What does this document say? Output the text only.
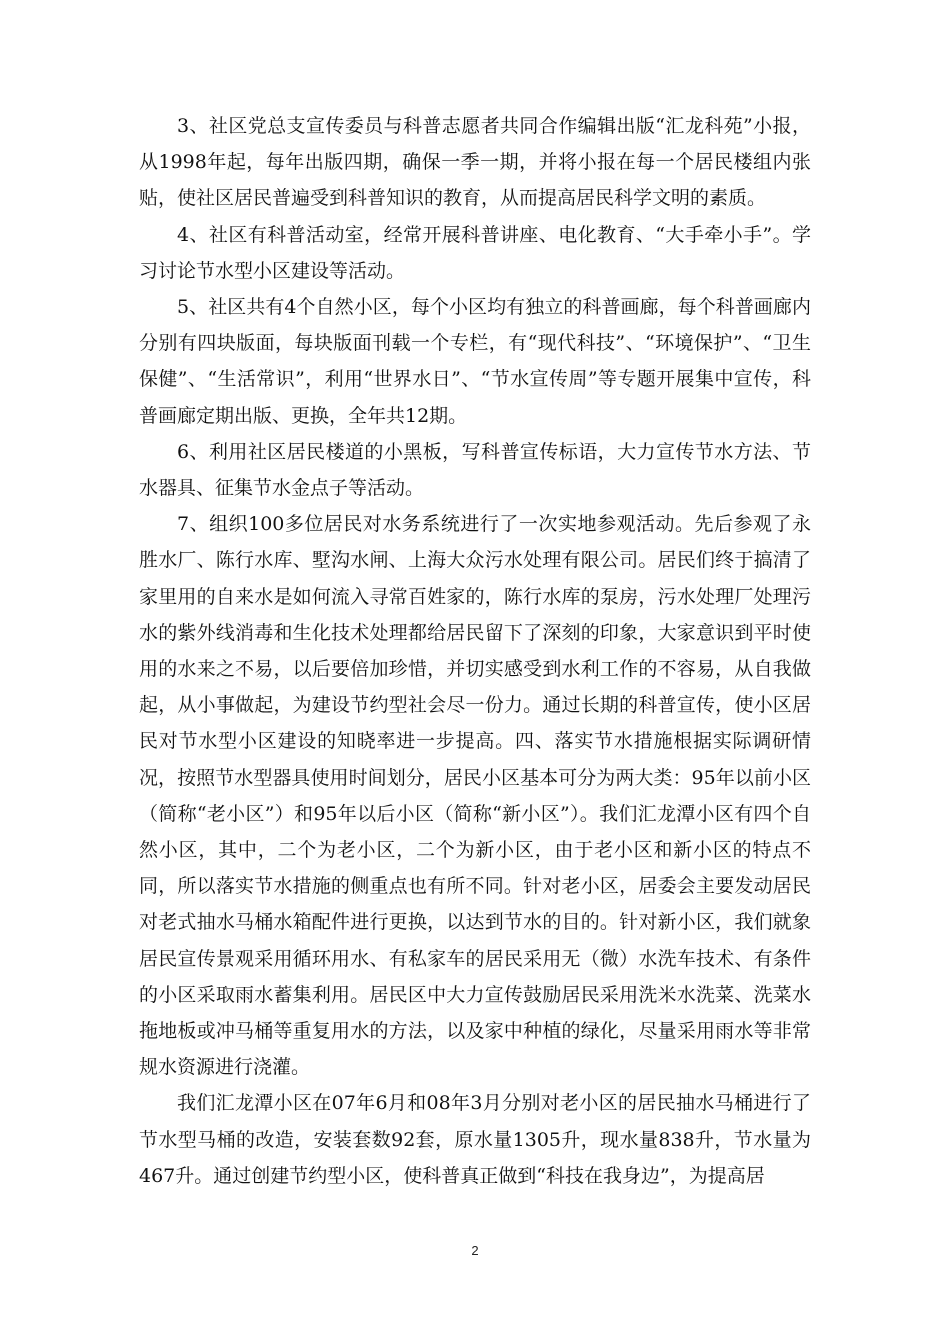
3、社区党总支宣传委员与科普志愿者共同合作编辑出版“汇龙科苑”小报，从1998年起，每年出版四期，确保一季一期，并将小报在每一个居民楼组内张贴，使社区居民普遍受到科普知识的教育，从而提高居民科学文明的素质。

4、社区有科普活动室，经常开展科普讲座、电化教育、“大手牵小手”。学习讨论节水型小区建设等活动。

5、社区共有4个自然小区，每个小区均有独立的科普画廊，每个科普画廊内分别有四块版面，每块版面刊载一个专栏，有“现代科技”、“环境保护”、“卫生保健”、“生活常识”，利用“世界水日”、“节水宣传周”等专题开展集中宣传，科普画廊定期出版、更换，全年共12期。

6、利用社区居民楼道的小黑板，写科普宣传标语，大力宣传节水方法、节水器具、征集节水金点子等活动。

7、组织100多位居民对水务系统进行了一次实地参观活动。先后参观了永胜水厂、陈行水库、墅沟水闸、上海大众污水处理有限公司。居民们终于搞清了家里用的自来水是如何流入寻常百姓家的，陈行水库的泵房，污水处理厂处理污水的紫外线消毒和生化技术处理都给居民留下了深刻的印象，大家意识到平时使用的水来之不易，以后要倍加珍惜，并切实感受到水利工作的不容易，从自我做起，从小事做起，为建设节约型社会尽一份力。通过长期的科普宣传，使小区居民对节水型小区建设的知晓率进一步提高。四、落实节水措施根据实际调研情况，按照节水型器具使用时间划分，居民小区基本可分为两大类：95年以前小区（简称“老小区”）和95年以后小区（简称“新小区”）。我们汇龙潭小区有四个自然小区，其中，二个为老小区，二个为新小区，由于老小区和新小区的特点不同，所以落实节水措施的侧重点也有所不同。针对老小区，居委会主要发动居民对老式抽水马桶水箱配件进行更换，以达到节水的目的。针对新小区，我们就象居民宣传景观采用循环用水、有私家车的居民采用无（微）水洗车技术、有条件的小区采取雨水蓄集利用。居民区中大力宣传鼓励居民采用洗米水洗菜、洗菜水拖地板或冲马桶等重复用水的方法，以及家中种植的绿化，尽量采用雨水等非常规水资源进行浇灌。

我们汇龙潭小区在07年6月和08年3月分别对老小区的居民抽水马桶进行了节水型马桶的改造，安装套数92套，原水量1305升，现水量838升，节水量为467升。通过创建节约型小区，使科普真正做到“科技在我身边”，为提高居

2
